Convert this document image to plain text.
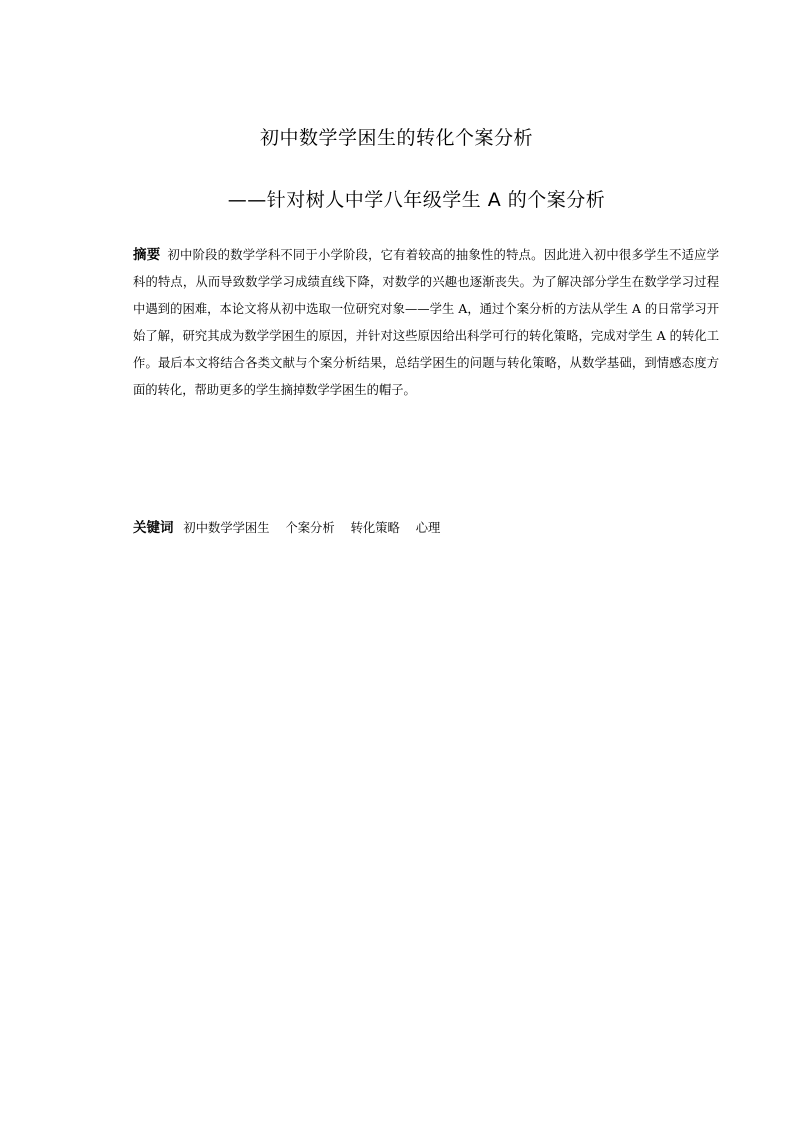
初中数学学困生的转化个案分析
——针对树人中学八年级学生 A 的个案分析

摘要 初中阶段的数学学科不同于小学阶段，它有着较高的抽象性的特点。因此进入初中很多学生不适应学科的特点，从而导致数学学习成绩直线下降，对数学的兴趣也逐渐丧失。为了解决部分学生在数学学习过程中遇到的困难，本论文将从初中选取一位研究对象——学生 A，通过个案分析的方法从学生 A 的日常学习开始了解，研究其成为数学学困生的原因，并针对这些原因给出科学可行的转化策略，完成对学生 A 的转化工作。最后本文将结合各类文献与个案分析结果，总结学困生的问题与转化策略，从数学基础，到情感态度方面的转化，帮助更多的学生摘掉数学学困生的帽子。

关键词 初中数学学困生 个案分析 转化策略 心理
